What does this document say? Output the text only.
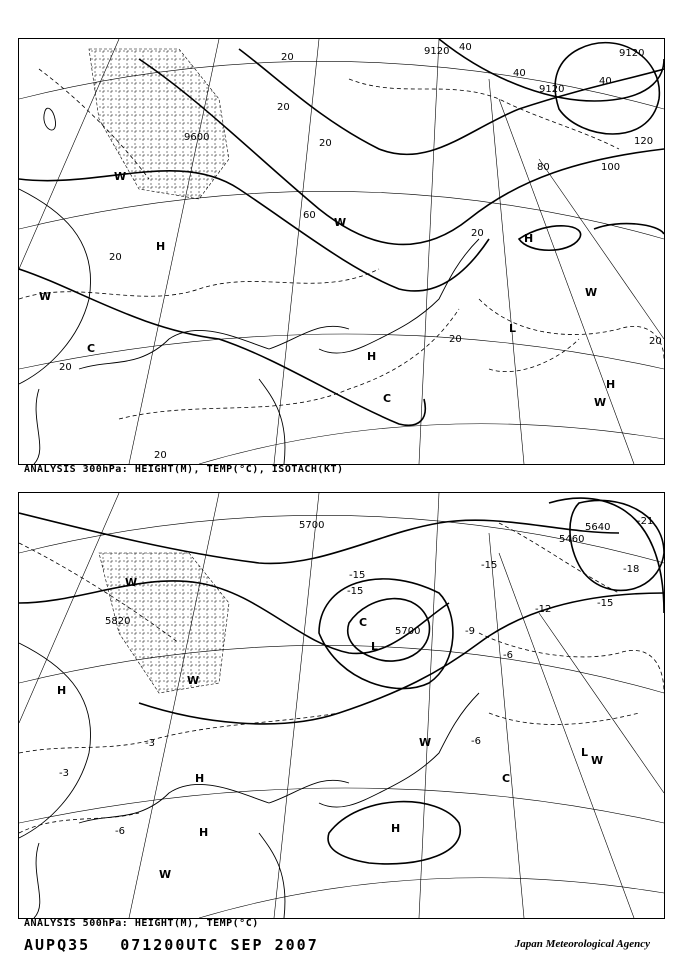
9120	9120
9600
9120
20
20
20
40
40
40
60
80	100
120
20
20
20
20
20
20
H
H
H
H
L
C
C
W
W
W
W
W
ANALYSIS 300hPa: HEIGHT(M), TEMP(°C), ISOTACH(KT)
5700
5820
5700
5640
5460
-15
-15
-15
-15
-18
-21
-12
-9
-6
-6
-3
-3
-6
H
H
H	H
L
L
C
C
W
W
W
W
W
ANALYSIS 500hPa: HEIGHT(M), TEMP(°C)
AUPQ35 071200UTC SEP 2007	Japan Meteorological Agency
